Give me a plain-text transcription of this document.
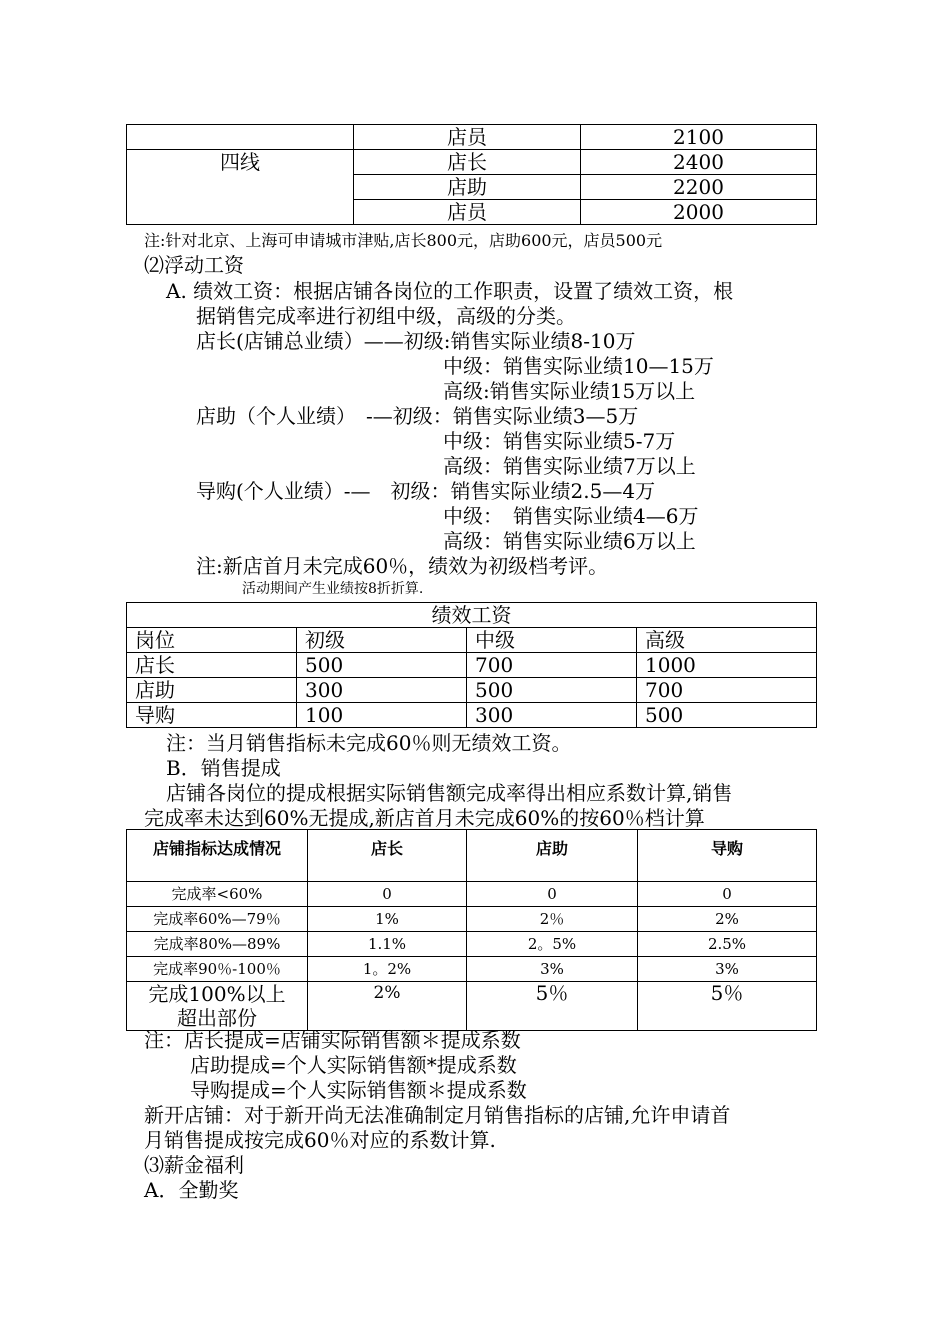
	店员	2100
四线	店长	2400
	店助	2200
	店员	2000
注:针对北京、上海可申请城市津贴,店长800元，店助600元，店员500元
⑵浮动工资
A. 绩效工资：根据店铺各岗位的工作职责，设置了绩效工资，根
据销售完成率进行初组中级，高级的分类。
店长(店铺总业绩）——初级:销售实际业绩8-10万
中级：销售实际业绩10—15万
高级:销售实际业绩15万以上
店助（个人业绩）　-—初级：销售实际业绩3—5万
中级：销售实际业绩5-7万
高级：销售实际业绩7万以上
导购(个人业绩）-—　初级：销售实际业绩2.5—4万
中级：　销售实际业绩4—6万
高级：销售实际业绩6万以上
注:新店首月未完成60％，绩效为初级档考评。
活动期间产生业绩按8折折算.
绩效工资			
岗位	初级	中级	高级
店长	500	700	1000
店助	300	500	700
导购	100	300	500
注：当月销售指标未完成60％则无绩效工资。
B．销售提成
店铺各岗位的提成根据实际销售额完成率得出相应系数计算,销售
完成率未达到60%无提成,新店首月未完成60%的按60％档计算
店铺指标达成情况	店长	店助	导购
完成率<60%	0	0	0
完成率60%—79％	1%	2％	2%
完成率80%—89%	1.1%	2。5%	2.5%
完成率90％-100％	1。2%	3%	3%

完成100%以上
超出部份	2%	5％	5％
注：店长提成=店铺实际销售额＊提成系数
店助提成=个人实际销售额*提成系数
导购提成=个人实际销售额＊提成系数
新开店铺：对于新开尚无法准确制定月销售指标的店铺,允许申请首
月销售提成按完成60％对应的系数计算.
⑶薪金福利
A．全勤奖
